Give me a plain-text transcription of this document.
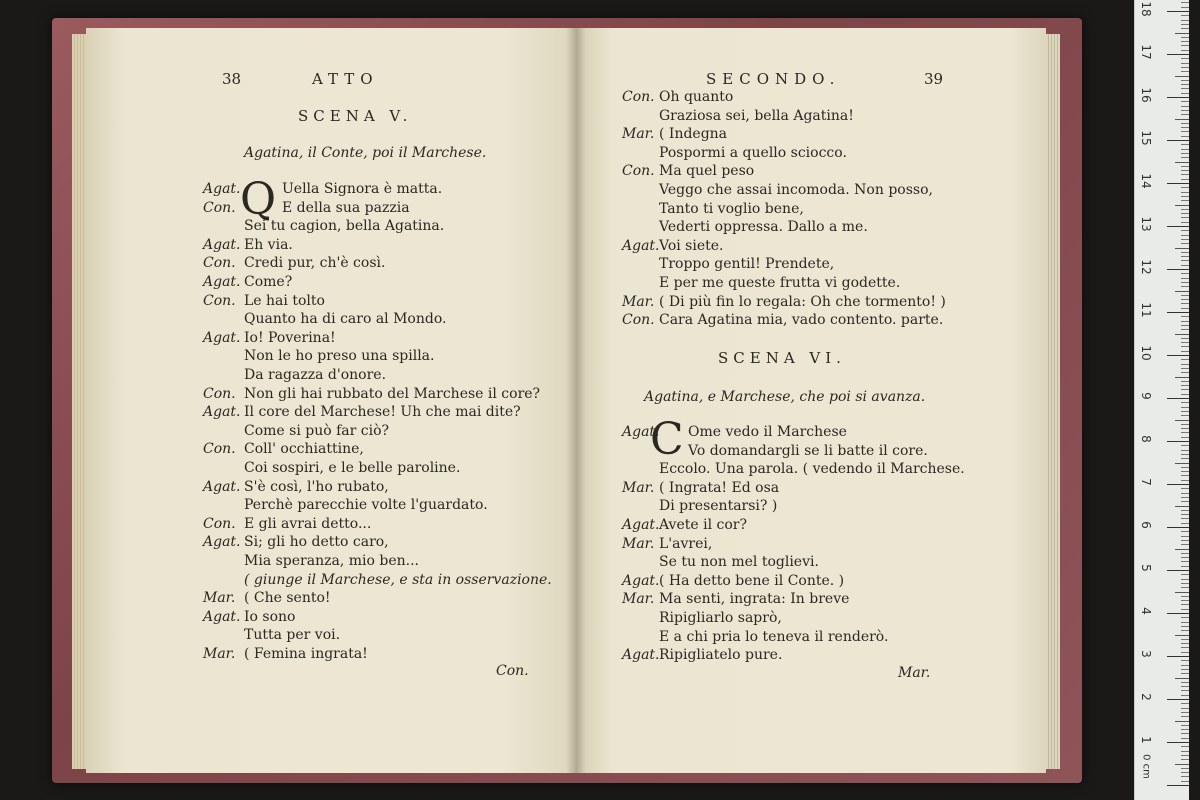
38	ATTO
SCENA V.
Agatina, il Conte, poi il Marchese.
Q
Agat.	Uella Signora è matta.
Con.	E della sua pazzia
Sei tu cagion, bella Agatina.
Agat. Eh via.
Con. Credi pur, ch'è così.
Agat. Come?
Con. Le hai tolto
Quanto ha di caro al Mondo.
Agat. Io! Poverina!
Non le ho preso una spilla.
Da ragazza d'onore.
Con. Non gli hai rubbato del Marchese il core?
Agat. Il core del Marchese! Uh che mai dite?
Come si può far ciò?
Con. Coll' occhiattine,
Coi sospiri, e le belle paroline.
Agat. S'è così, l'ho rubato,
Perchè parecchie volte l'guardato.
Con. E gli avrai detto...
Agat. Si; gli ho detto caro,
Mia speranza, mio ben...
( giunge il Marchese, e sta in osservazione.
Mar. ( Che sento!
Agat. Io sono
Tutta per voi.
Mar. ( Femina ingrata!
Con.
SECONDO.	39
Con. Oh quanto
Graziosa sei, bella Agatina!
Mar. ( Indegna
Pospormi a quello sciocco.
Con. Ma quel peso
Veggo che assai incomoda. Non posso,
Tanto ti voglio bene,
Vederti oppressa. Dallo a me.
Agat. Voi siete.
Troppo gentil! Prendete,
E per me queste frutta vi godette.
Mar. ( Di più fin lo regala: Oh che tormento! )
Con. Cara Agatina mia, vado contento. parte.
SCENA VI.
Agatina, e Marchese, che poi si avanza.
C
Agat. Ome vedo il Marchese
Vo domandargli se li batte il core.
Eccolo. Una parola. ( vedendo il Marchese.
Mar. ( Ingrata! Ed osa
Di presentarsi? )
Agat. Avete il cor?
Mar. L'avrei,
Se tu non mel toglievi.
Agat. ( Ha detto bene il Conte. )
Mar. Ma senti, ingrata: In breve
Ripigliarlo saprò,
E a chi pria lo teneva il renderò.
Agat. Ripigliatelo pure.
Mar.
1
2
3
4
5
6
7
8
9
10
11
12
13
14
15
16
17
18
0 cm
